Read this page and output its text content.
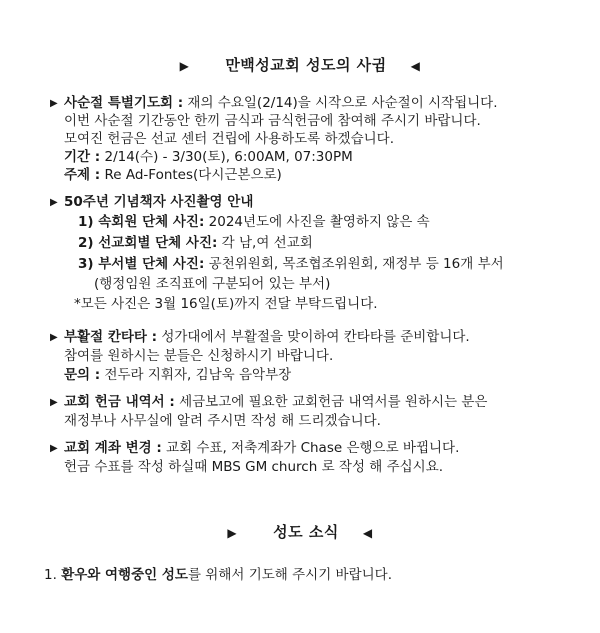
▶ 만백성교회 성도의 사귐 ◀
▶ 사순절 특별기도회 : 재의 수요일(2/14)을 시작으로 사순절이 시작됩니다.
이번 사순절 기간동안 한끼 금식과 금식헌금에 참여해 주시기 바랍니다.
모여진 헌금은 선교 센터 건립에 사용하도록 하겠습니다.
기간 : 2/14(수) - 3/30(토), 6:00AM, 07:30PM
주제 : Re Ad-Fontes(다시근본으로)
▶ 50주년 기념책자 사진촬영 안내
1) 속회원 단체 사진: 2024년도에 사진을 촬영하지 않은 속
2) 선교회별 단체 사진: 각 남,여 선교회
3) 부서별 단체 사진: 공천위원회, 목조협조위원회, 재정부 등 16개 부서
(행정임원 조직표에 구분되어 있는 부서)
*모든 사진은 3월 16일(토)까지 전달 부탁드립니다.
▶ 부활절 칸타타 : 성가대에서 부활절을 맞이하여 칸타타를 준비합니다.
참여를 원하시는 분들은 신청하시기 바랍니다.
문의 : 전두라 지휘자, 김남욱 음악부장
▶ 교회 헌금 내역서 : 세금보고에 필요한 교회헌금 내역서를 원하시는 분은
재정부나 사무실에 알려 주시면 작성 해 드리겠습니다.
▶ 교회 계좌 변경 : 교회 수표, 저축계좌가 Chase 은행으로 바뀝니다.
헌금 수표를 작성 하실때 MBS GM church 로 작성 해 주십시요.
▶ 성도 소식 ◀
1. 환우와 여행중인 성도를 위해서 기도해 주시기 바랍니다.
